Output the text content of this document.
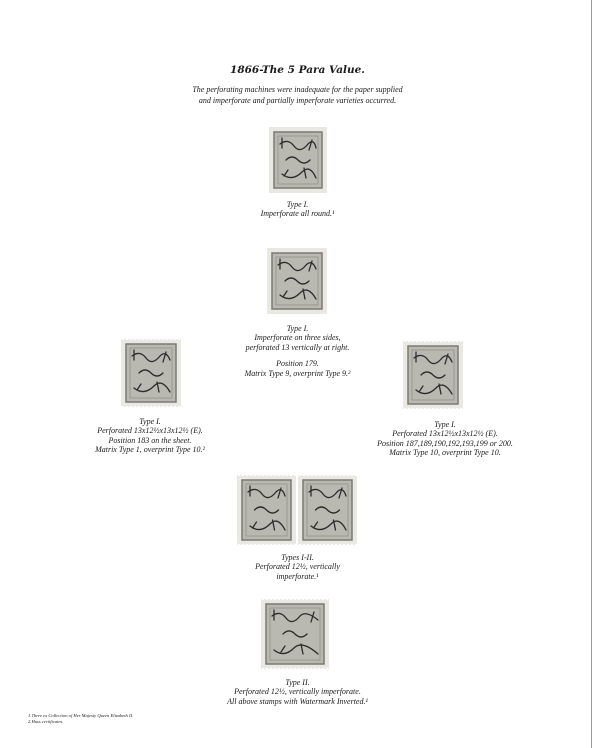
1866-The 5 Para Value.
The perforating machines were inadequate for the paper supplied
and imperforate and partially imperforate varieties occurred.
Type I.
Imperforate all round.¹
Type I.
Imperforate on three sides,
perforated 13 vertically at right.
Position 179.
Matrix Type 9, overprint Type 9.²
Type I.
Perforated 13x12½x13x12½ (E).
Position 183 on the sheet.
Matrix Type 1, overprint Type 10.²
Type I.
Perforated 13x12½x13x12½ (E).
Position 187,189,190,192,193,199 or 200.
Matrix Type 10, overprint Type 10.
Types I-II.
Perforated 12½, vertically
imperforate.¹
Type II.
Perforated 12½, vertically imperforate.
All above stamps with Watermark Inverted.¹
1.Three ex Collection of Her Majesty Queen Elizabeth II.
2.Hass certificates.
